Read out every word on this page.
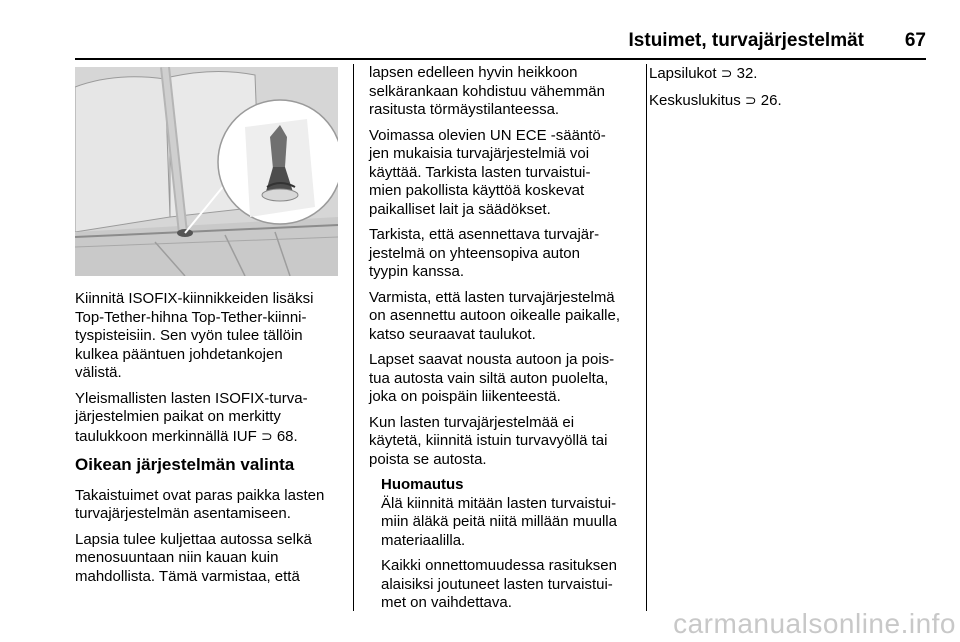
Istuimet, turvajärjestelmät 67

Kiinnitä ISOFIX-kiinnikkeiden lisäksi
Top-Tether-hihna Top-Tether-kiinni-
tyspisteisiin. Sen vyön tulee tällöin
kulkea pääntuen johdetankojen
välistä.

Yleismallisten lasten ISOFIX-turva-
järjestelmien paikat on merkitty
taulukkoon merkinnällä IUF ⊃ 68.

Oikean järjestelmän valinta

Takaistuimet ovat paras paikka lasten
turvajärjestelmän asentamiseen.

Lapsia tulee kuljettaa autossa selkä
menosuuntaan niin kauan kuin
mahdollista. Tämä varmistaa, että

lapsen edelleen hyvin heikkoon
selkärankaan kohdistuu vähemmän
rasitusta törmäystilanteessa.

Voimassa olevien UN ECE -sääntö-
jen mukaisia turvajärjestelmiä voi
käyttää. Tarkista lasten turvaistui-
mien pakollista käyttöä koskevat
paikalliset lait ja säädökset.

Tarkista, että asennettava turvajär-
jestelmä on yhteensopiva auton
tyypin kanssa.

Varmista, että lasten turvajärjestelmä
on asennettu autoon oikealle paikalle,
katso seuraavat taulukot.

Lapset saavat nousta autoon ja pois-
tua autosta vain siltä auton puolelta,
joka on poispäin liikenteestä.

Kun lasten turvajärjestelmää ei
käytetä, kiinnitä istuin turvavyöllä tai
poista se autosta.

Huomautus
Älä kiinnitä mitään lasten turvaistui-
miin äläkä peitä niitä millään muulla
materiaalilla.

Kaikki onnettomuudessa rasituksen
alaisiksi joutuneet lasten turvaistui-
met on vaihdettava.

Lapsilukot ⊃ 32.

Keskuslukitus ⊃ 26.

carmanualsonline.info
